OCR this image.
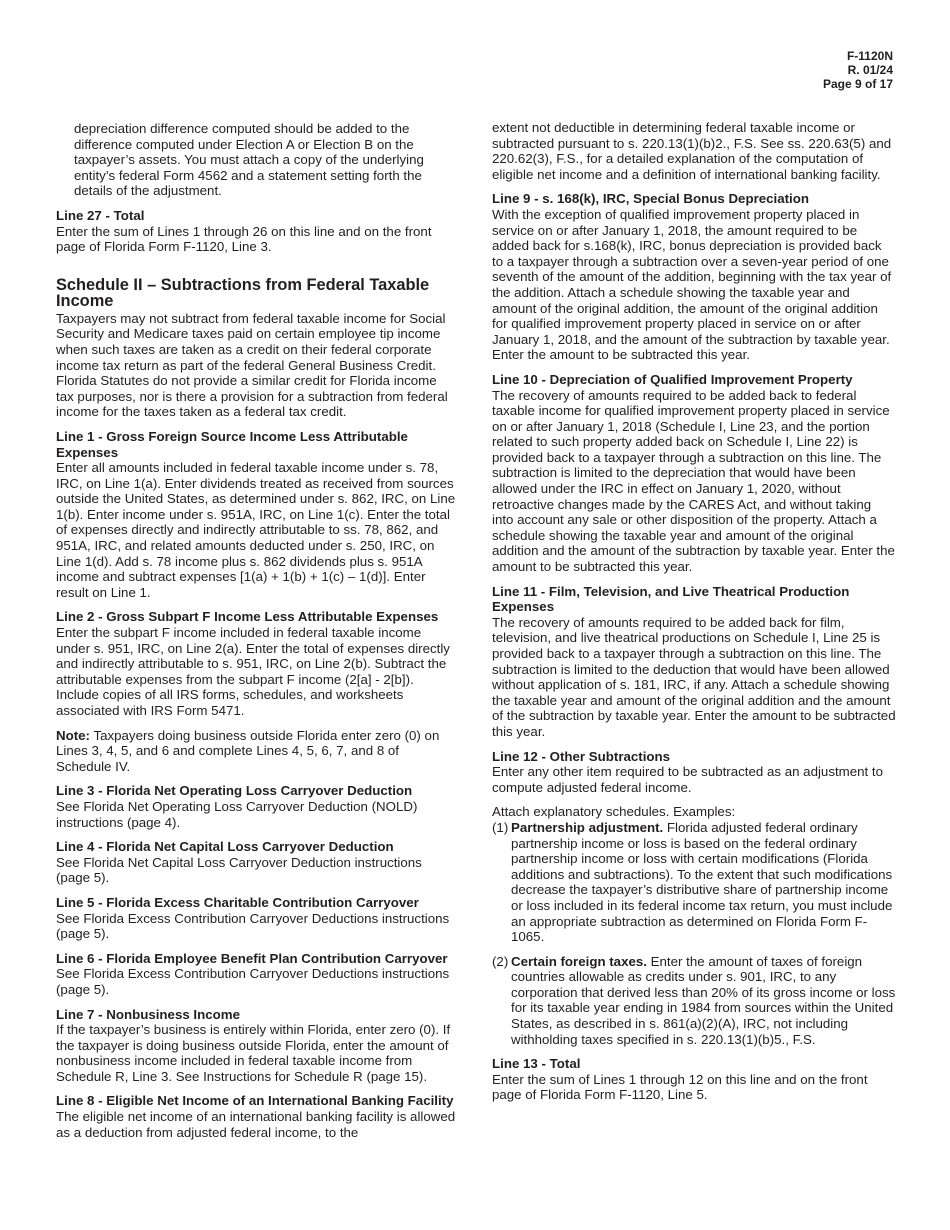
F-1120N
R. 01/24
Page 9 of 17

depreciation difference computed should be added to the difference computed under Election A or Election B on the taxpayer’s assets. You must attach a copy of the underlying entity’s federal Form 4562 and a statement setting forth the details of the adjustment.

Line 27 - Total
Enter the sum of Lines 1 through 26 on this line and on the front page of Florida Form F-1120, Line 3.
Schedule II – Subtractions from Federal Taxable Income

Taxpayers may not subtract from federal taxable income for Social Security and Medicare taxes paid on certain employee tip income when such taxes are taken as a credit on their federal corporate income tax return as part of the federal General Business Credit. Florida Statutes do not provide a similar credit for Florida income tax purposes, nor is there a provision for a subtraction from federal income for the taxes taken as a federal tax credit.

Line 1 - Gross Foreign Source Income Less Attributable Expenses
Enter all amounts included in federal taxable income under s. 78, IRC, on Line 1(a). Enter dividends treated as received from sources outside the United States, as determined under s. 862, IRC, on Line 1(b). Enter income under s. 951A, IRC, on Line 1(c). Enter the total of expenses directly and indirectly attributable to ss. 78, 862, and 951A, IRC, and related amounts deducted under s. 250, IRC, on Line 1(d). Add s. 78 income plus s. 862 dividends plus s. 951A income and subtract expenses [1(a) + 1(b) + 1(c) – 1(d)]. Enter result on Line 1.
Line 2 - Gross Subpart F Income Less Attributable Expenses
Enter the subpart F income included in federal taxable income under s. 951, IRC, on Line 2(a). Enter the total of expenses directly and indirectly attributable to s. 951, IRC, on Line 2(b). Subtract the attributable expenses from the subpart F income (2[a] - 2[b]). Include copies of all IRS forms, schedules, and worksheets associated with IRS Form 5471.

Note: Taxpayers doing business outside Florida enter zero (0) on Lines 3, 4, 5, and 6 and complete Lines 4, 5, 6, 7, and 8 of Schedule IV.

Line 3 - Florida Net Operating Loss Carryover Deduction
See Florida Net Operating Loss Carryover Deduction (NOLD) instructions (page 4).
Line 4 - Florida Net Capital Loss Carryover Deduction
See Florida Net Capital Loss Carryover Deduction instructions (page 5).
Line 5 - Florida Excess Charitable Contribution Carryover
See Florida Excess Contribution Carryover Deductions instructions (page 5).
Line 6 - Florida Employee Benefit Plan Contribution Carryover
See Florida Excess Contribution Carryover Deductions instructions (page 5).
Line 7 - Nonbusiness Income
If the taxpayer’s business is entirely within Florida, enter zero (0). If the taxpayer is doing business outside Florida, enter the amount of nonbusiness income included in federal taxable income from Schedule R, Line 3. See Instructions for Schedule R (page 15).
Line 8 - Eligible Net Income of an International Banking Facility
The eligible net income of an international banking facility is allowed as a deduction from adjusted federal income, to the

extent not deductible in determining federal taxable income or subtracted pursuant to s. 220.13(1)(b)2., F.S. See ss. 220.63(5) and 220.62(3), F.S., for a detailed explanation of the computation of eligible net income and a definition of international banking facility.

Line 9 - s. 168(k), IRC, Special Bonus Depreciation
With the exception of qualified improvement property placed in service on or after January 1, 2018, the amount required to be added back for s.168(k), IRC, bonus depreciation is provided back to a taxpayer through a subtraction over a seven-year period of one seventh of the amount of the addition, beginning with the tax year of the addition. Attach a schedule showing the taxable year and amount of the original addition, the amount of the original addition for qualified improvement property placed in service on or after January 1, 2018, and the amount of the subtraction by taxable year. Enter the amount to be subtracted this year.
Line 10 - Depreciation of Qualified Improvement Property
The recovery of amounts required to be added back to federal taxable income for qualified improvement property placed in service on or after January 1, 2018 (Schedule I, Line 23, and the portion related to such property added back on Schedule I, Line 22) is provided back to a taxpayer through a subtraction on this line. The subtraction is limited to the depreciation that would have been allowed under the IRC in effect on January 1, 2020, without retroactive changes made by the CARES Act, and without taking into account any sale or other disposition of the property. Attach a schedule showing the taxable year and amount of the original addition and the amount of the subtraction by taxable year. Enter the amount to be subtracted this year.
Line 11 - Film, Television, and Live Theatrical Production Expenses
The recovery of amounts required to be added back for film, television, and live theatrical productions on Schedule I, Line 25 is provided back to a taxpayer through a subtraction on this line. The subtraction is limited to the deduction that would have been allowed without application of s. 181, IRC, if any. Attach a schedule showing the taxable year and amount of the original addition and the amount of the subtraction by taxable year. Enter the amount to be subtracted this year.
Line 12 - Other Subtractions
Enter any other item required to be subtracted as an adjustment to compute adjusted federal income.

Attach explanatory schedules. Examples:

(1) Partnership adjustment. Florida adjusted federal ordinary partnership income or loss is based on the federal ordinary partnership income or loss with certain modifications (Florida additions and subtractions). To the extent that such modifications decrease the taxpayer’s distributive share of partnership income or loss included in its federal income tax return, you must include an appropriate subtraction as determined on Florida Form F-1065.
(2) Certain foreign taxes. Enter the amount of taxes of foreign countries allowable as credits under s. 901, IRC, to any corporation that derived less than 20% of its gross income or loss for its taxable year ending in 1984 from sources within the United States, as described in s. 861(a)(2)(A), IRC, not including withholding taxes specified in s. 220.13(1)(b)5., F.S.
Line 13 - Total
Enter the sum of Lines 1 through 12 on this line and on the front page of Florida Form F-1120, Line 5.
